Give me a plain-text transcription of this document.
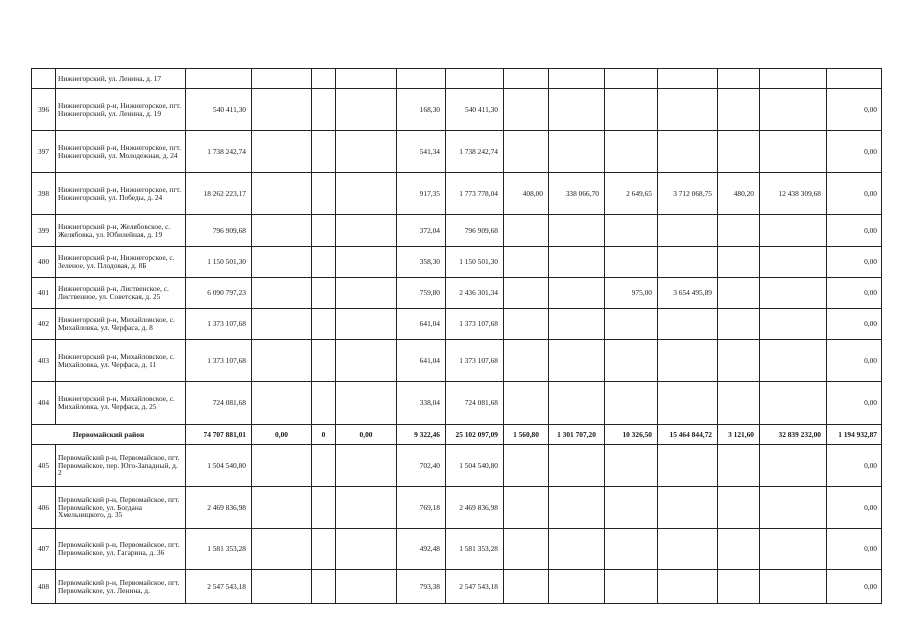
	Нижнегорский, ул. Ленина, д. 17														
396	Нижнегорский р-н, Нижнегорское, пгт. Нижнегорский, ул. Ленина, д. 19	540 411,30				168,30	540 411,30								0,00
397	Нижнегорский р-н, Нижнегорское, пгт. Нижнегорский, ул. Молодежная, д. 24	1 738 242,74				541,34	1 738 242,74								0,00
398	Нижнегорский р-н, Нижнегорское, пгт. Нижнегорский, ул. Победы, д. 24	18 262 223,17				917,35	1 773 778,04	408,00	338 066,70	2 649,65	3 712 068,75	480,20	12 438 309,68		0,00
399	Нижнегорский р-н, Желябовское, с. Желябовка, ул. Юбилейная, д. 19	796 909,68				372,04	796 909,68								0,00
400	Нижнегорский р-н, Нижнегорское, с. Зеленое, ул. Плодовая, д. 8Б	1 150 501,30				358,30	1 150 501,30								0,00
401	Нижнегорский р-н, Лиственское, с. Лиственное, ул. Советская, д. 25	6 090 797,23				759,80	2 436 301,34			975,00	3 654 495,89				0,00
402	Нижнегорский р-н, Михайловское, с. Михайловка, ул. Черфаса, д. 8	1 373 107,68				641,04	1 373 107,68								0,00
403	Нижнегорский р-н, Михайловское, с. Михайловка, ул. Черфаса, д. 11	1 373 107,68				641,04	1 373 107,68								0,00
404	Нижнегорский р-н, Михайловское, с. Михайловка, ул. Черфаса, д. 25	724 081,68				338,04	724 081,68								0,00
Первомайский район		74 707 881,01	0,00	0	0,00	9 322,46	25 102 097,09	1 560,80	1 301 707,20	10 326,50	15 464 844,72	3 121,60	32 839 232,00		1 194 932,87
405	Первомайский р-н, Первомайское, пгт. Первомайское, пер. Юго-Западный, д. 2	1 504 540,80				702,40	1 504 540,80								0,00
406	Первомайский р-н, Первомайское, пгт. Первомайское, ул. Богдана Хмельницкого, д. 35	2 469 836,98				769,18	2 469 836,98								0,00
407	Первомайский р-н, Первомайское, пгт. Первомайское, ул. Гагарина, д. 36	1 581 353,28				492,48	1 581 353,28								0,00
408	Первомайский р-н, Первомайское, пгт. Первомайское, ул. Ленина, д.	2 547 543,18				793,38	2 547 543,18								0,00
